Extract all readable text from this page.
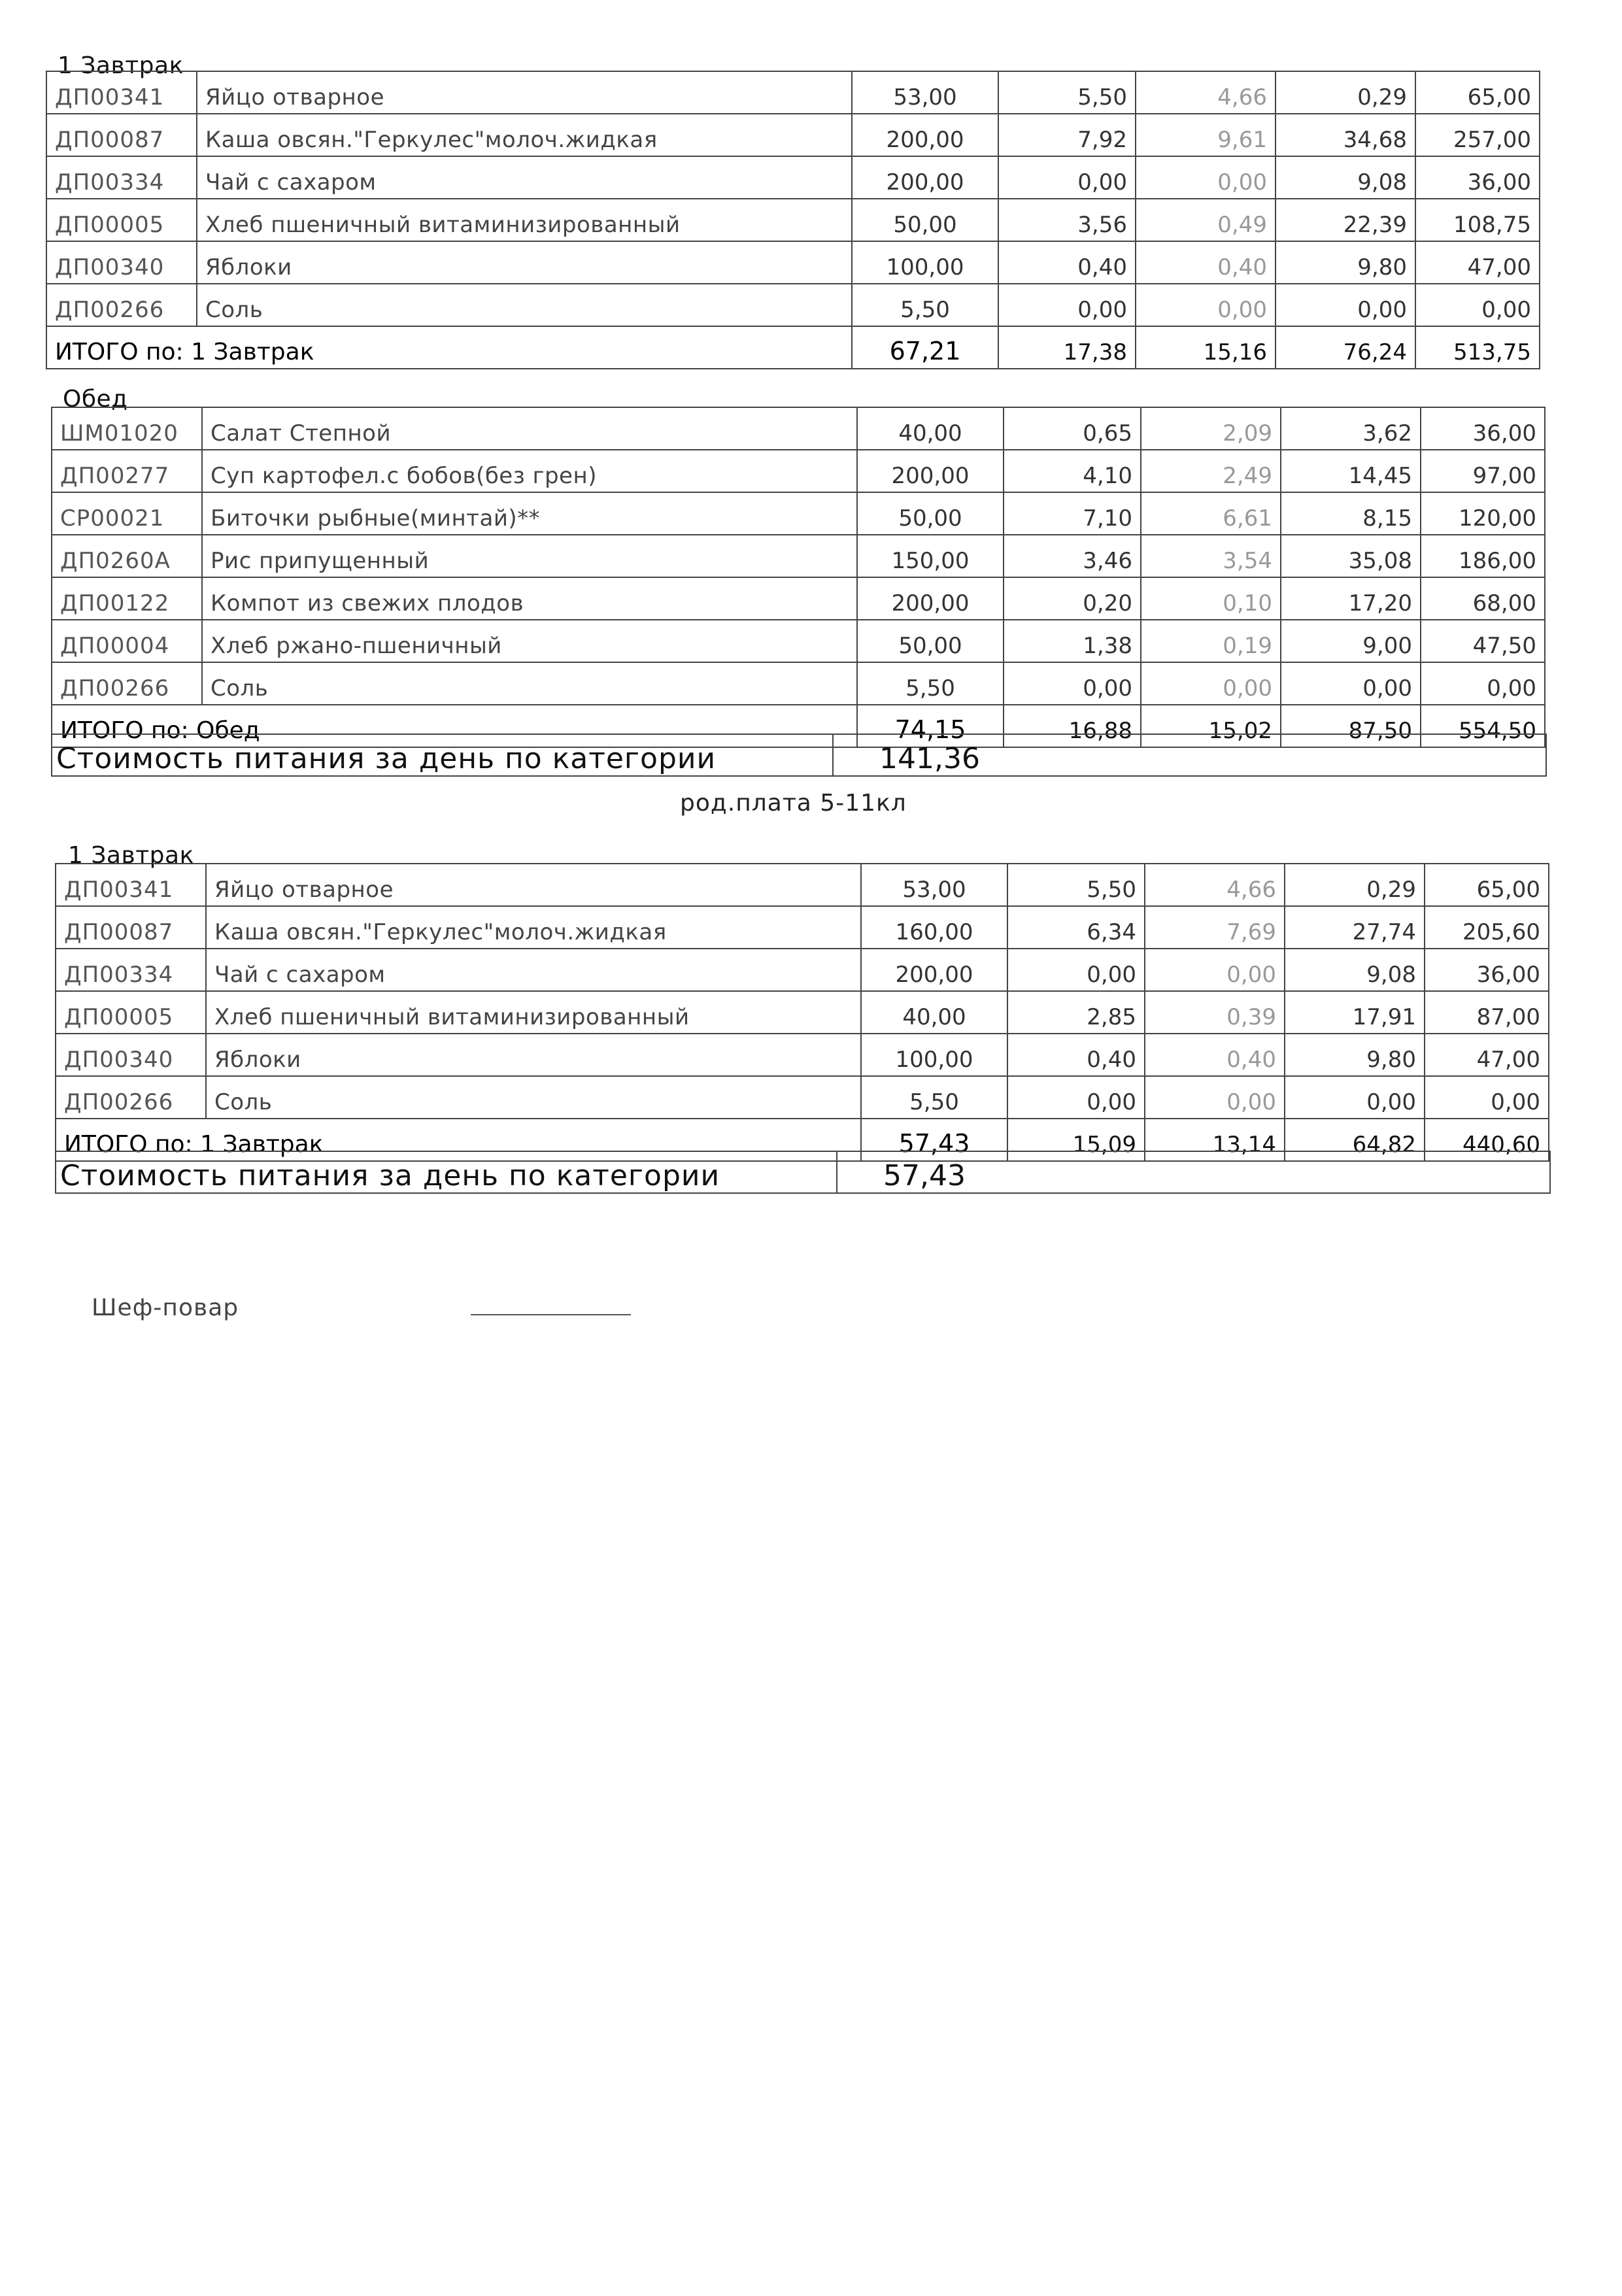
1 Завтрак
ДП00341	Яйцо отварное	53,00	5,50	4,66	0,29	65,00
ДП00087	Каша овсян."Геркулес"молоч.жидкая	200,00	7,92	9,61	34,68	257,00
ДП00334	Чай с сахаром	200,00	0,00	0,00	9,08	36,00
ДП00005	Хлеб пшеничный витаминизированный	50,00	3,56	0,49	22,39	108,75
ДП00340	Яблоки	100,00	0,40	0,40	9,80	47,00
ДП00266	Соль	5,50	0,00	0,00	0,00	0,00
ИТОГО по: 1 Завтрак		67,21	17,38	15,16	76,24	513,75
Обед
ШМ01020	Салат Степной	40,00	0,65	2,09	3,62	36,00
ДП00277	Суп картофел.с бобов(без грен)	200,00	4,10	2,49	14,45	97,00
СР00021	Биточки рыбные(минтай)**	50,00	7,10	6,61	8,15	120,00
ДП0260А	Рис припущенный	150,00	3,46	3,54	35,08	186,00
ДП00122	Компот из свежих плодов	200,00	0,20	0,10	17,20	68,00
ДП00004	Хлеб ржано-пшеничный	50,00	1,38	0,19	9,00	47,50
ДП00266	Соль	5,50	0,00	0,00	0,00	0,00
ИТОГО по: Обед		74,15	16,88	15,02	87,50	554,50
Стоимость питания за день по категории	141,36
род.плата 5-11кл
1 Завтрак
ДП00341	Яйцо отварное	53,00	5,50	4,66	0,29	65,00
ДП00087	Каша овсян."Геркулес"молоч.жидкая	160,00	6,34	7,69	27,74	205,60
ДП00334	Чай с сахаром	200,00	0,00	0,00	9,08	36,00
ДП00005	Хлеб пшеничный витаминизированный	40,00	2,85	0,39	17,91	87,00
ДП00340	Яблоки	100,00	0,40	0,40	9,80	47,00
ДП00266	Соль	5,50	0,00	0,00	0,00	0,00
ИТОГО по: 1 Завтрак		57,43	15,09	13,14	64,82	440,60
Стоимость питания за день по категории	57,43
Шеф-повар
